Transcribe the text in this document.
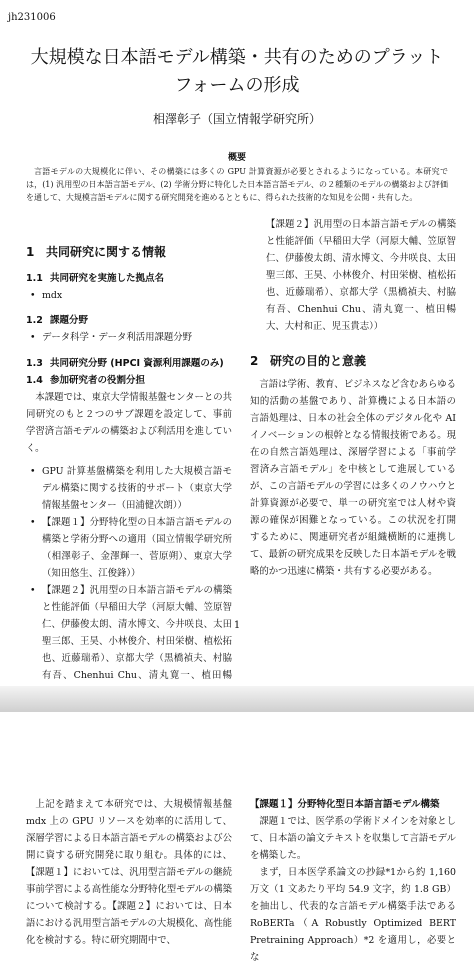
jh231006
大規模な日本語モデル構築・共有のためのプラット
フォームの形成
相澤彰子（国立情報学研究所）
概要
言語モデルの大規模化に伴い、その構築には多くの GPU 計算資源が必要とされるようになっている。本研究では，(1) 汎用型の日本語言語モデル、(2) 学術分野に特化した日本語言語モデル、の２種類のモデルの構築および評価を通して、大規模言語モデルに関する研究開発を進めるとともに、得られた技術的な知見を公開・共有した。
1 共同研究に関する情報
1.1 共同研究を実施した拠点名
• mdx
1.2 課題分野
• データ科学・データ利活用課題分野
1.3 共同研究分野 (HPCI 資源利用課題のみ)
1.4 参加研究者の役割分担

本課題では、東京大学情報基盤センターとの共同研究のもと２つのサブ課題を設定して、事前学習済言語モデルの構築および利活用を進していく。

• GPU 計算基盤構築を利用した大規模言語モデル構築に関する技術的サポート（東京大学情報基盤センター（田浦健次朗））
• 【課題１】分野特化型の日本語言語モデルの構築と学術分野への適用（国立情報学研究所（相澤彰子、金澤輝一、菅原朔）、東京大学（知田悠生、江俊鋒））
• 【課題２】汎用型の日本語言語モデルの構築と性能評価（早稲田大学（河原大輔、笠原智仁、伊藤俊太朗、清水博文、今井咲良、太田聖三郎、王昊、小林俊介、村田栄樹、植松拓也、近藤瑞希）、京都大学（黒橋禎夫、村脇有吾、Chenhui Chu、清丸寛一、植田暢
【課題２】汎用型の日本語言語モデルの構築と性能評価（早稲田大学（河原大輔、笠原智仁、伊藤俊太朗、清水博文、今井咲良、太田聖三郎、王昊、小林俊介、村田栄樹、植松拓也、近藤瑞希）、京都大学（黒橋禎夫、村脇有吾、Chenhui Chu、清丸寛一、植田暢大、大村和正、児玉貴志））
2 研究の目的と意義

言語は学術、教育、ビジネスなど含むあらゆる知的活動の基盤であり、計算機による日本語の言語処理は、日本の社会全体のデジタル化や AI イノベーションの根幹となる情報技術である。現在の自然言語処理は、深層学習による「事前学習済み言語モデル」を中核として進展しているが、この言語モデルの学習には多くのノウハウと計算資源が必要で、単一の研究室では人材や資源の確保が困難となっている。この状況を打開するために、関連研究者が組織横断的に連携して、最新の研究成果を反映した日本語モデルを戦略的かつ迅速に構築・共有する必要がある。

1

上記を踏まえて本研究では、大規模情報基盤 mdx 上の GPU リソースを効率的に活用して、深層学習による日本語言語モデルの構築および公開に資する研究開発に取り組む。具体的には、【課題１】においては、汎用型言語モデルの継続事前学習による高性能な分野特化型モデルの構築について検討する。【課題２】においては、日本語における汎用型言語モデルの大規模化、高性能化を検討する。特に研究期間中で、

【課題１】分野特化型日本語言語モデル構築

課題１では、医学系の学術ドメインを対象として、日本語の論文テキストを収集して言語モデルを構築した。

まず，日本医学系論文の抄録*1から約 1,160 万文（1 文あたり平均 54.9 文字，約 1.8 GB）を抽出し、代表的な言語モデル構築手法である RoBERTa（A Robustly Optimized BERT Pretraining Approach）*2 を適用し，必要とな
